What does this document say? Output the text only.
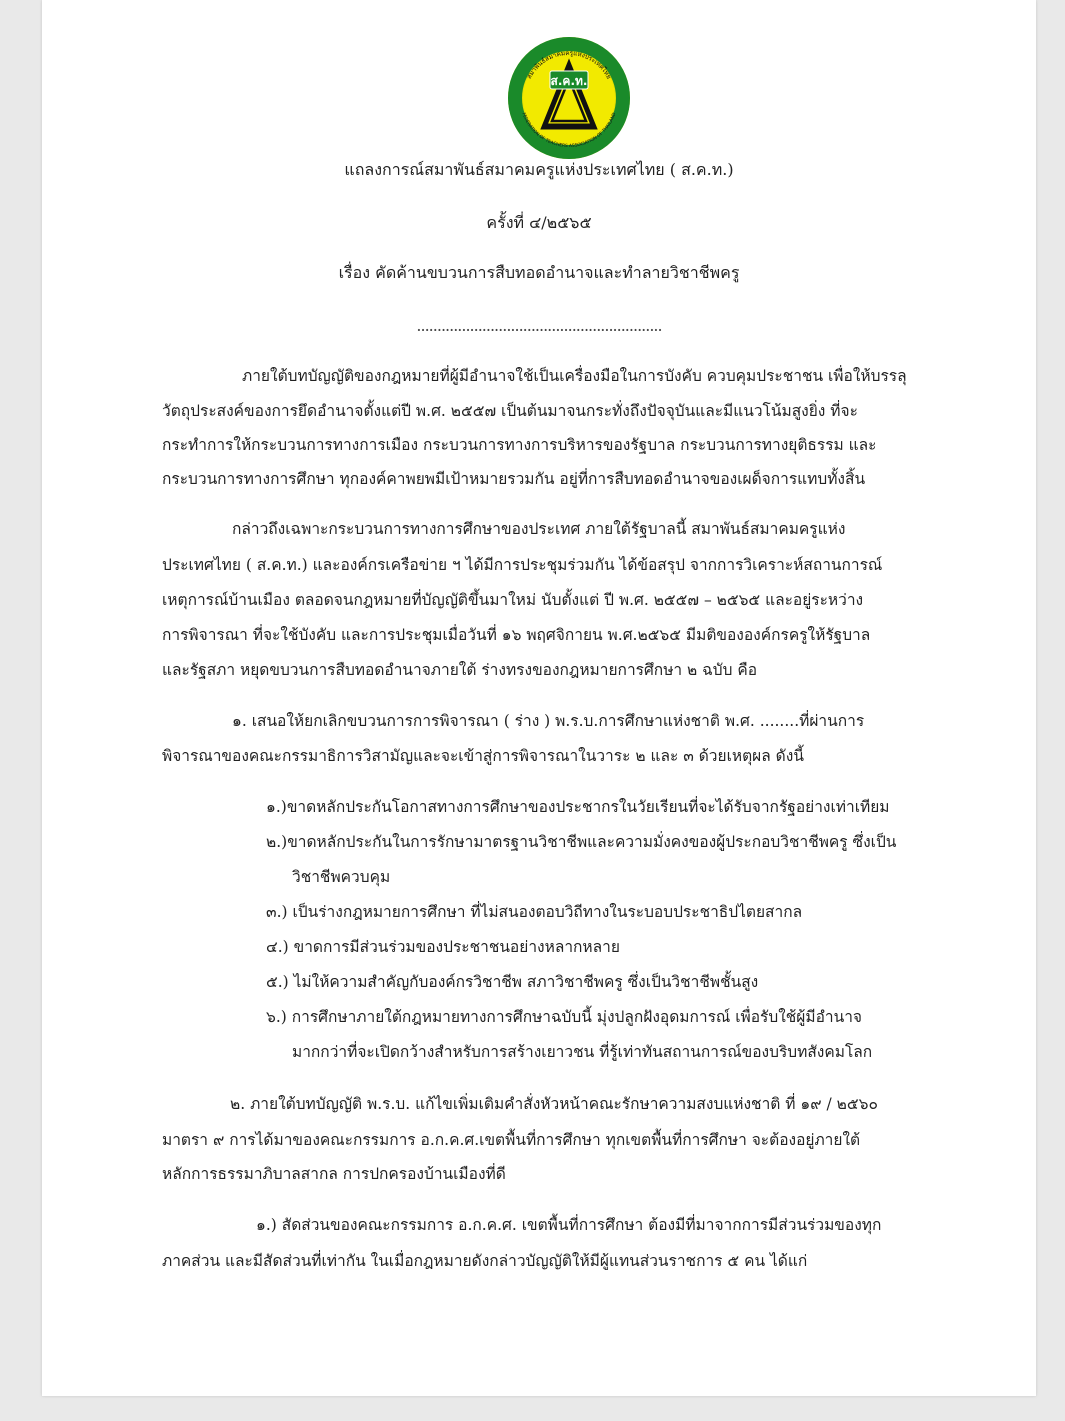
สมาพันธ์สมาคมครูแห่งประเทศไทย
FEDERATION OF TEACHERS ASSOCIATION OF THAILAND
ส.ค.ท.
แถลงการณ์สมาพันธ์สมาคมครูแห่งประเทศไทย ( ส.ค.ท.)
ครั้งที่ ๔/๒๕๖๕
เรื่อง คัดค้านขบวนการสืบทอดอำนาจและทำลายวิชาชีพครู
............................................................
ภายใต้บทบัญญัติของกฎหมายที่ผู้มีอำนาจใช้เป็นเครื่องมือในการบังคับ ควบคุมประชาชน เพื่อให้บรรลุ
วัตถุประสงค์ของการยึดอำนาจตั้งแต่ปี พ.ศ. ๒๕๕๗ เป็นต้นมาจนกระทั่งถึงปัจจุบันและมีแนวโน้มสูงยิ่ง ที่จะ
กระทำการให้กระบวนการทางการเมือง กระบวนการทางการบริหารของรัฐบาล กระบวนการทางยุติธรรม และ
กระบวนการทางการศึกษา ทุกองค์คาพยพมีเป้าหมายรวมกัน อยู่ที่การสืบทอดอำนาจของเผด็จการแทบทั้งสิ้น
กล่าวถึงเฉพาะกระบวนการทางการศึกษาของประเทศ ภายใต้รัฐบาลนี้ สมาพันธ์สมาคมครูแห่ง
ประเทศไทย ( ส.ค.ท.) และองค์กรเครือข่าย ฯ ได้มีการประชุมร่วมกัน ได้ข้อสรุป จากการวิเคราะห์สถานการณ์
เหตุการณ์บ้านเมือง ตลอดจนกฎหมายที่บัญญัติขึ้นมาใหม่ นับตั้งแต่ ปี พ.ศ. ๒๕๕๗ – ๒๕๖๕ และอยู่ระหว่าง
การพิจารณา ที่จะใช้บังคับ และการประชุมเมื่อวันที่ ๑๖ พฤศจิกายน พ.ศ.๒๕๖๕ มีมติขององค์กรครูให้รัฐบาล
และรัฐสภา หยุดขบวนการสืบทอดอำนาจภายใต้ ร่างทรงของกฎหมายการศึกษา ๒ ฉบับ คือ
๑. เสนอให้ยกเลิกขบวนการการพิจารณา ( ร่าง ) พ.ร.บ.การศึกษาแห่งชาติ พ.ศ. ........ที่ผ่านการ
พิจารณาของคณะกรรมาธิการวิสามัญและจะเข้าสู่การพิจารณาในวาระ ๒ และ ๓ ด้วยเหตุผล ดังนี้
๑.)ขาดหลักประกันโอกาสทางการศึกษาของประชากรในวัยเรียนที่จะได้รับจากรัฐอย่างเท่าเทียม
๒.)ขาดหลักประกันในการรักษามาตรฐานวิชาชีพและความมั่งคงของผู้ประกอบวิชาชีพครู ซึ่งเป็น
วิชาชีพควบคุม
๓.) เป็นร่างกฎหมายการศึกษา ที่ไม่สนองตอบวิถีทางในระบอบประชาธิปไตยสากล
๔.) ขาดการมีส่วนร่วมของประชาชนอย่างหลากหลาย
๕.) ไม่ให้ความสำคัญกับองค์กรวิชาชีพ สภาวิชาชีพครู ซึ่งเป็นวิชาชีพชั้นสูง
๖.) การศึกษาภายใต้กฎหมายทางการศึกษาฉบับนี้ มุ่งปลูกฝังอุดมการณ์ เพื่อรับใช้ผู้มีอำนาจ
มากกว่าที่จะเปิดกว้างสำหรับการสร้างเยาวชน ที่รู้เท่าทันสถานการณ์ของบริบทสังคมโลก
๒. ภายใต้บทบัญญัติ พ.ร.บ. แก้ไขเพิ่มเติมคำสั่งหัวหน้าคณะรักษาความสงบแห่งชาติ ที่ ๑๙ / ๒๕๖๐
มาตรา ๙ การได้มาของคณะกรรมการ อ.ก.ค.ศ.เขตพื้นที่การศึกษา ทุกเขตพื้นที่การศึกษา จะต้องอยู่ภายใต้
หลักการธรรมาภิบาลสากล การปกครองบ้านเมืองที่ดี
๑.) สัดส่วนของคณะกรรมการ อ.ก.ค.ศ. เขตพื้นที่การศึกษา ต้องมีที่มาจากการมีส่วนร่วมของทุก
ภาคส่วน และมีสัดส่วนที่เท่ากัน ในเมื่อกฎหมายดังกล่าวบัญญัติให้มีผู้แทนส่วนราชการ ๕ คน ได้แก่
